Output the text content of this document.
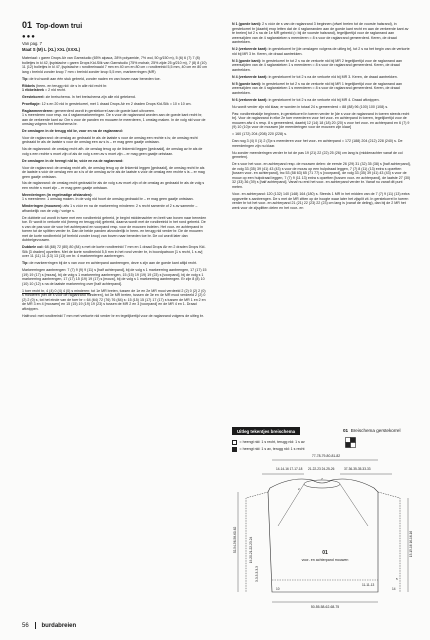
01 Top-down trui
●●●
Van pag. 7
Maat S (M) L (XL) XXL (XXXL)

Materiaal: • garen Drops Air van Garnstudio (65% alpaca, 28% polyamide, 7% wol, 50 g/150 m), 5 (6) 6 (7) 7 (8) bolletjes in kl 42, ijspistache • garen Drops Kid-Silk van Garnstudio (75% mohair, 25% zijde 25 g/210 m), 7 (8) 8 (10) 11 (12) bolletjes in kl 47, ijspistache • rondbreinaald 7 mm en 40 cm en 80 cm • rondbreinld 5,5 mm, 40 cm en 80 cm lang • breinld zonder knop 7 mm • breinld zonder knop 5,5 mm, markeerringen (MR)

Tip: de trui wordt aan één stuk gebreid, zonder naden en van boven naar beneden toe.

Ribbels (heen- en terugg nld: de s in alle nld recht br.
1 ribbelsteek = 2 nld recht.

Gerstekorrel: zie breischema. In het breischema zijn alle nld getekend.

Proeflapje: 12 s en 20 nld in gerstekorrel, met 1 draad Drops Air en 2 draden Drops Kid-Silk = 10 x 10 cm.

Raglanmeerderen: gemeerderd wordt in gerstekorrel aan de goede kant uitvoeren.
1 s meerderen voor resp. na 4 raglanmarkeerringen. De s voor de raglanrand worden aan de goede kant recht br, aan de verkeerde kant av. Om s voor de panden en mouwen te meerderen, 1 omslag maken. In de volg nld voor de omslag volgens het breischema br.

De omslagen in de terugg nld br, voor en na de raglanrand:

Voor de raglanrand: de omslag av gedraaid br als de laatste s voor de omslag een rechte s is; de omslag recht gedraaid br als de laatste s voor de omslag een av s is – er mag geen gaatje ontstaan.

Na de raglanrand: de omslag recht afh. de omslag terug op de linkernld leggen [gedraaid], de omslag av br als de volg s een rechte s moet zijn of als de volg s een av s moet zijn – er mag geen gaatje ontstaan.

De omslagen in de heengt nld br, vóór en na de raglanrand:

Voor de raglanrand: de omslag recht afh, de omslag terug op de linkernld leggen [gedraaid], de omslag recht br als de laatste s vóór de omslag een av s is of de omslag av br als de laatste s vóór de omslag een rechte s is – er mag geen gaatje ontstaan.

Na de raglanrand: de omslag recht gedraaid br als de volg s av moet zijn of de omslag av gedraaid br als de volg s een rechte s moet zijn – er mag geen gaatje ontstaan.

Meerderingen (in regelmatige afstanden):
1 s meerderen: 1 omslag maken. In de volg nld hoort de omslag gedraaid br – er mag geen gaatje ontstaan.

Minderingen (mouwen): afw 1 s vóór en na de markeerring minderen: 2 s recht samenbr of 2 s av samenbr – afhankelijk van de volg / vorige s.

De dubbele col wordt in twee met een rondbreinld gebreid, je begint middenachter en breit van boven naar beneden toe. Er wordt in verkorte nld (heeng en terugg nld) gebreid, daarna wordt met de rondbreinld in het rond gebreid. De s van de pas voor de voor het achterpand en voorpand resp. voor de mouwen indelen. Het voor- en achterpand in toeren tot de splitten verder br. Dan de beide panden afzonderlijk in heen- en terugg nld verder br. De de mouwen met de korte rondbreinld (of breinld zonder knop) van boven naar beneden toe br. De col wordt later dan dubbelgevouwen.

Dubbele col: 68 (68) 72 (80) 80 (84) s met de korte rondbreinld 7 mm en 1 draad Drops Air en 2 draden Drops Kid-Silk [3 draden] opzetten. Met de korte rondbreinld 5,5 mm in het rond verder br, in boordpatroon [1 s recht, 1 s av] over 11 (11) 11 (13) 13 (13) cm br. 4 markeerringen aanbrengen.

Tip: de markeerringen bij de s van voor en achterpand aanbrengen, deze s zijn aan de goede kant altijd recht.

Markeerringen aanbrengen: 7 (7) 9 (9) 9 (11) s [half achterpand], bij de volg s 1 markeerring aanbrengen, 17 (17) 15 (19) 19 (17) s [mouw], bij de volg s 1 markeerring aanbrengen, 15 (15) 19 (19) 19 (23) s [voorpand], bij de volg s 1 markeerring aanbrengen, 17 (17) 15 (19) 19 (17) s [mouw], bij de volg s 1 markeerring aanbrengen. Er zijn 8 (8) 10 (10) 10 (12) s na de laatste markeerring over [half achterpand].

1 toer recht br, 4 (4) 0 (4) 4 (0) s minderen: tot 1e MR breien, tussen de 1e en 2e MR mooi verdeeld 2 (2) 0 (2) 2 (0) s minderen [net de s voor de raglanrand minderen], tot 3e MR breien, tussen de 3e en 4e MR mooi verdeeld 2 (2) 0 (2) 2 (0) s, tot het einde van de toer br = 64 (64) 72 (76) 76 (84) s: 15 (15) 15 (17) 17 (17) s tussen de MR 1 en 2 en de MR 3 en 4 [mouwen] en 15 (15) 19 (19) 19 (23) s tussen de MR 2 en 3 [voorpand] en de MR 4 en 1. Draad afknippen.

Halfrond: met rondbreinld 7 mm met verkorte nld verder br en tegelijkertijd voor de raglanrand volgens de uitleg br.

N 1 (goede kant): 2 s vóór de s van de raglanrand 3 beginnen (ofwel breien tot de voorste halsrand), in gerstekorrel br [daarbij erop letten dat de 4 raglanranden aan de goede kant recht en aan de verkeerde kant av te breien] tot 2 s na de 1e MR gebreid (= bij de voorste halsrand), tegelijkertijd voor de raglanrand aan weerszijden van de 4 raglansteken s meerderen = 8 s voor de raglanrand gemeerderd. Keren, de draad aantrekken.

N 2 (verkeerde kant): in gerstekorrel br [de omslagen volgens de uitleg br], tot 2 s na het begin van de verkorte nld bij MR 3 br. Keren, de draad aantrekken.

N 3 (goede kant): in gerstekorrel br tot 2 s na de verkorte nld bij MR 2 tegelijkertijd voor de raglanrand aan weerszijden van de 4 raglansteken 1 s meerderen = 8 s voor de raglanrand gemeerderd. Keren, de draad aantrekken.

N 4 (verkeerde kant): in gerstekorrel br tot 2 s na de verkorte nld bij MR 3. Keren, de draad aantrekken.

N 5 (goede kant): in gerstekorrel br tot 2 s na de verkorte nld bij MR 1 tegelijkertijd voor de raglanrand aan weerszijden van de 4 raglansteken 1 s meerderen = 8 s voor de raglanrand gemeerderd. Keren, de draad aantrekken.

N 6 (verkeerde kant): in gerstekorrel br tot 2 s na de verkorte nld bij MR 4. Draad afknippen.

Nu wordt verder zijn nld klaar, er worden in totaal 24 s gemeerderd = 88 (88) 96 (100) 100 (108) s.

Pas: rondbreinaldje beginnen, in gerstekorrel in toeren verder br [de s voor de raglanrand in toeren steeds recht br]. Voor de raglanrand in elke 2e toer meerderen voor het voor- en achterpand in toeren, tegelijkertijd voor de mouwen afw 4 s resp. 8 s gemeerderd, daarbij 12 (14) 18 (18) 20 (20) s voor het voor- en achterpand en 6 (7) 9 (9) 10 (10)x voor de mouwen [de meerderingen voor de mouwen zijn klaar]

= 160 (172) 204 (208) 220 (228) s.

Dan nog 3 (4) 0 (1) 2 (3)x s meerderen voor het voor- en achterpand = 172 (188) 204 (212) 228 (240) s. De meerderingen zijn nu klaar.

Nu zonder meerderingen verder br tot de pas 19 (21) 22 (22) 25 (26) cm lang is (middenachter vanaf de col gemeten).

De s voor het voor- en achterpand resp. de mouwen delen: de eerste 26 (29) 31 (32) 35 (38) s [half achterpand], de volg 33 (35) 39 (41) 43 (43) s voor de mouw op een hulpdraad leggen, 7 (7) 8 (11) (13) extra s opzetten [tussen voor- en achterpand], tnc 53 (58 63) 65 (71 77) s [voorpand], de volg 33 (35) 39 (41) 43 (43) s voor de mouw op een hulpdraad leggen, 7 (7) 9 (11 13) extra s opzetten [tussen voor- en achterpand], de laatste 27 (30) 32 (33) 36 (39) s [half achterpand]. Vanaf nu erst het voor- en achterpand verder br. Vanaf nu vanaf dit punt meten.

Voor- en achterpand: 120 (132) 140 (148) 164 (180) s. Steeds 1 MR in het midden van de 7 (7) 9 (11) (13) extra opgezette s aanbrengen. De s met de MR zitten op de hoogte waar later het zijsplit zit. In gerstekorrel in toeren verder br tot het voor- en achterpand 21 (21) 22 (23) 22 (23) cm lang is (vanaf de deling), dan bij de 2 MR het werk voor de zijsplitten delen en het voor- en

Uitleg tekentjes breischema	01 Breischema gerstekorrel
= heengt nld: 1 s recht, terugg nld: 1 s av
= heengt nld: 1 s av, terugg nld: 1 s recht
77-78-79-80-81-82
14-14-16 17-17-18 21-22-23 24-25-26	37-36-35-35-33-33
50-55-58-62-68-75
52-54-56-58-60-62	19-20-21-22-23-24
3-3-3-3-3-3
10
15-15-16 16-16-16
14
7
2
5
11-11-13
01
voor- en achterpand mouwen
56 burdabreien
